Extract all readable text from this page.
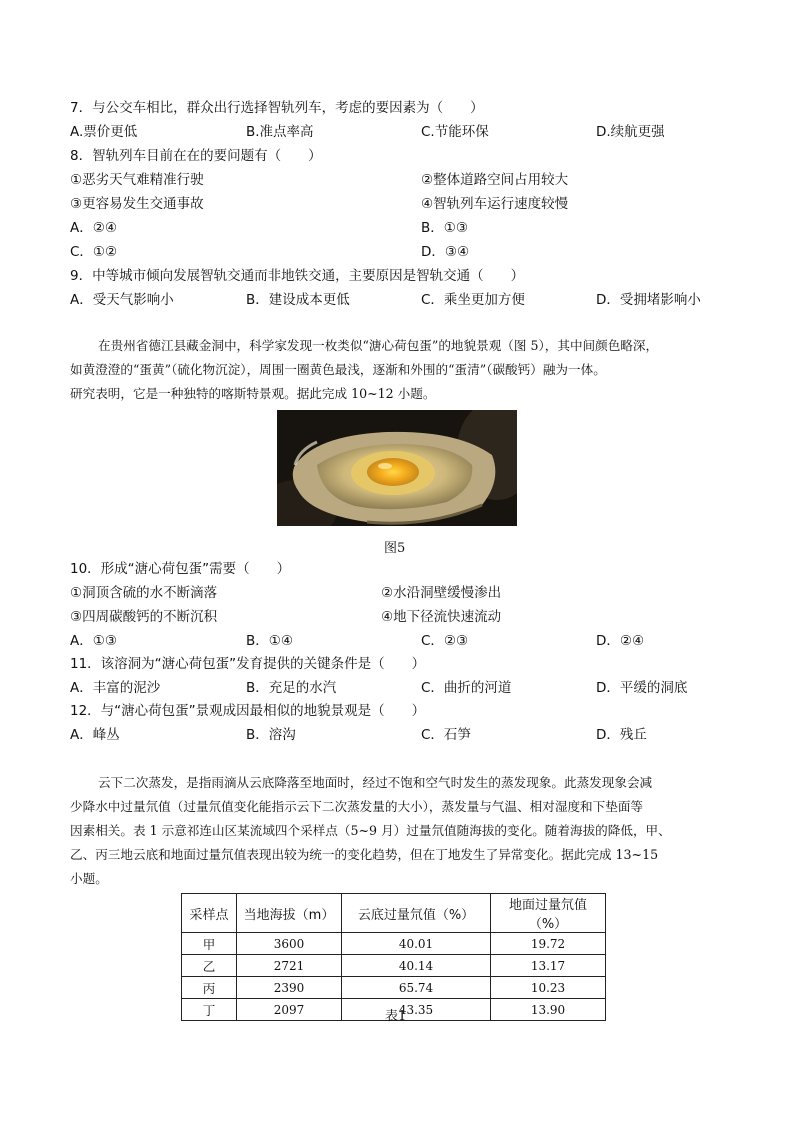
7．与公交车相比，群众出行选择智轨列车，考虑的要因素为（　　）
A.票价更低	B.准点率高	C.节能环保	D.续航更强
8．智轨列车目前在在的要问题有（　　）
①恶劣天气难精准行驶	②整体道路空间占用较大
③更容易发生交通事故	④智轨列车运行速度较慢
A．②④	B．①③
C．①②	D．③④
9．中等城市倾向发展智轨交通而非地铁交通，主要原因是智轨交通（　　）
A．受天气影响小	B．建设成本更低	C．乘坐更加方便	D．受拥堵影响小
在贵州省德江县藏金洞中，科学家发现一枚类似“溏心荷包蛋”的地貌景观（图 5），其中间颜色略深，
如黄澄澄的“蛋黄”（硫化物沉淀），周围一圈黄色最浅，逐渐和外围的“蛋清”（碳酸钙）融为一体。
研究表明，它是一种独特的喀斯特景观。据此完成 10~12 小题。
图5
10．形成“溏心荷包蛋”需要（　　）
①洞顶含硫的水不断滴落	②水沿洞壁缓慢渗出
③四周碳酸钙的不断沉积	④地下径流快速流动
A．①③	B．①④	C．②③	D．②④
11．该溶洞为“溏心荷包蛋”发育提供的关键条件是（　　）
A．丰富的泥沙	B．充足的水汽	C．曲折的河道	D．平缓的洞底
12．与“溏心荷包蛋”景观成因最相似的地貌景观是（　　）
A．峰丛	B．溶沟	C．石笋	D．残丘
云下二次蒸发，是指雨滴从云底降落至地面时，经过不饱和空气时发生的蒸发现象。此蒸发现象会减
少降水中过量氘值（过量氘值变化能指示云下二次蒸发量的大小），蒸发量与气温、相对湿度和下垫面等
因素相关。表 1 示意祁连山区某流域四个采样点（5~9 月）过量氘值随海拔的变化。随着海拔的降低，甲、
乙、丙三地云底和地面过量氘值表现出较为统一的变化趋势，但在丁地发生了异常变化。据此完成 13~15
小题。
采样点	当地海拔（m）	云底过量氘值（%）	地面过量氘值（%）
甲	3600	40.01	19.72
乙	2721	40.14	13.17
丙	2390	65.74	10.23
丁	2097	43.35	13.90
表1
